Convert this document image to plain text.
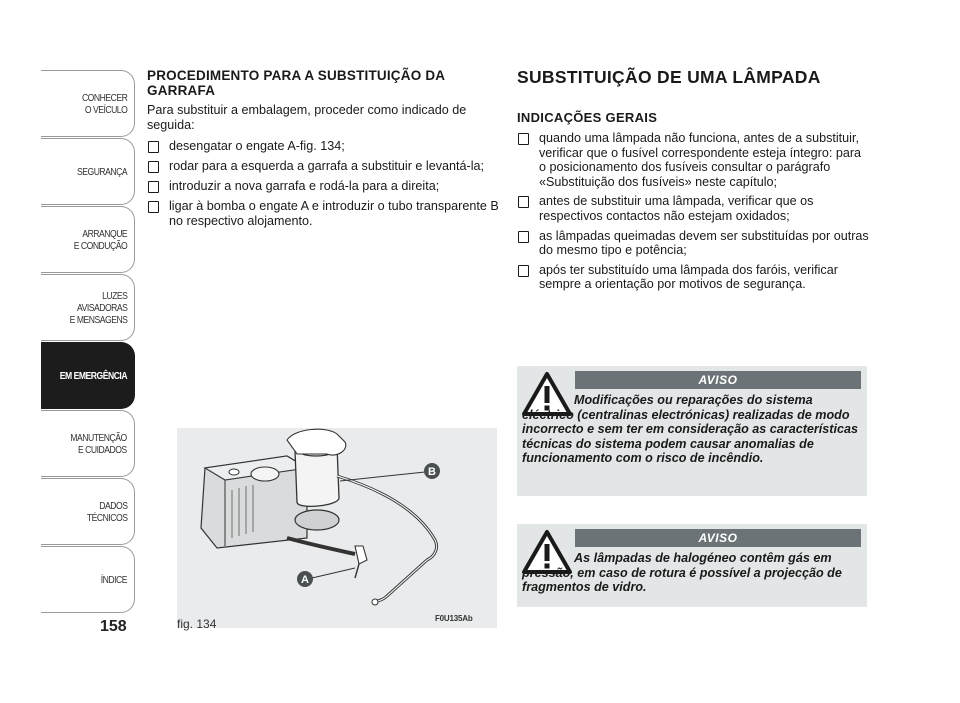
CONHECER
O VEÍCULO
SEGURANÇA
ARRANQUE
E CONDUÇÃO
LUZES
AVISADORAS
E MENSAGENS
EM EMERGÊNCIA
MANUTENÇÃO
E CUIDADOS
DADOS
TÉCNICOS
ÍNDICE
158
PROCEDIMENTO PARA A SUBSTITUIÇÃO DA GARRAFA
Para substituir a embalagem, proceder como indicado de seguida:
desengatar o engate A-fig. 134;
rodar para a esquerda a garrafa a substituir e levantá-la;
introduzir a nova garrafa e rodá-la para a direita;
ligar à bomba o engate A e introduzir o tubo transparente B no respectivo alojamento.
B
A
fig. 134	F0U135Ab
SUBSTITUIÇÃO DE UMA LÂMPADA
INDICAÇÕES GERAIS
quando uma lâmpada não funciona, antes de a substituir, verificar que o fusível correspondente esteja íntegro: para o posicionamento dos fusíveis consultar o parágrafo «Substituição dos fusíveis» neste capítulo;
antes de substituir uma lâmpada, verificar que os respectivos contactos não estejam oxidados;
as lâmpadas queimadas devem ser substituídas por outras do mesmo tipo e potência;
após ter substituído uma lâmpada dos faróis, verificar sempre a orientação por motivos de segurança.
AVISO
Modificações ou reparações do sistema eléctrico (centralinas electrónicas) realizadas de modo incorrecto e sem ter em consideração as características técnicas do sistema podem causar anomalias de funcionamento com o risco de incêndio.
AVISO
As lâmpadas de halogéneo contêm gás em pressão, em caso de rotura é possível a projecção de fragmentos de vidro.
